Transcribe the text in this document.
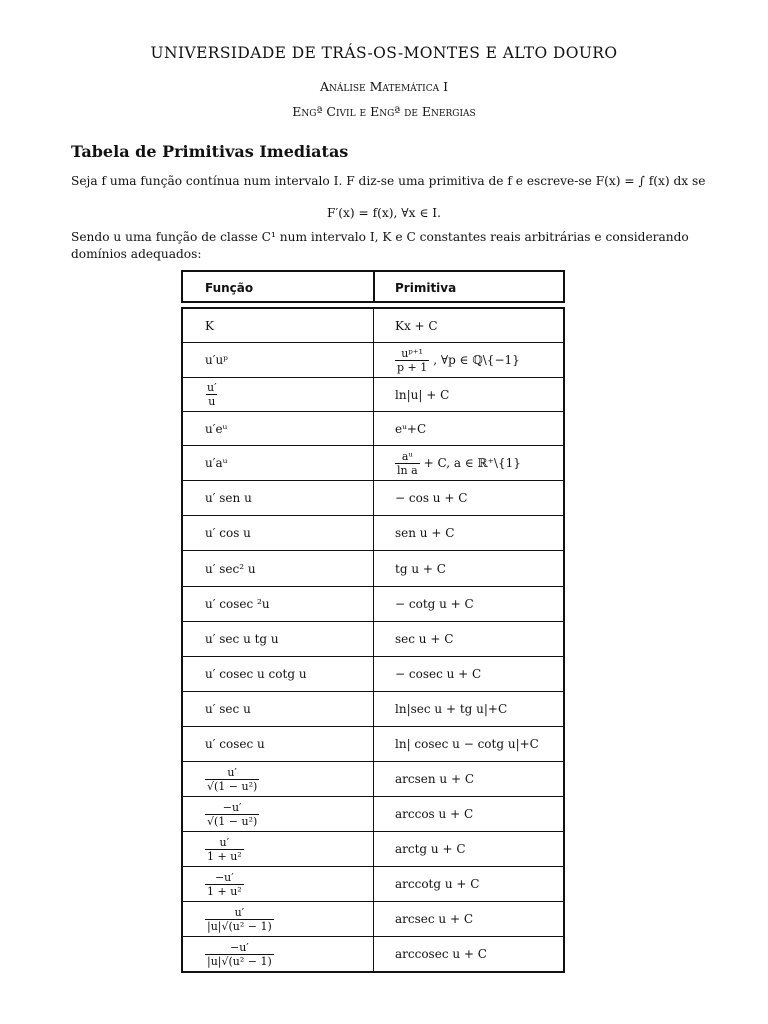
UNIVERSIDADE DE TRÁS-OS-MONTES E ALTO DOURO
Análise Matemática I
Engª Civil e Engª de Energias
Tabela de Primitivas Imediatas
Seja f uma função contínua num intervalo I. F diz-se uma primitiva de f e escreve-se F(x) = ∫ f(x) dx se
F′(x) = f(x), ∀x ∈ I.
Sendo u uma função de classe C¹ num intervalo I, K e C constantes reais arbitrárias e considerando domínios adequados:
Função	Primitiva
K	Kx + C
u′uᵖ	$\frac{\text{uᵖ⁺¹}}{p + 1}$ , ∀p ∈ ℚ\{−1}
$\frac{u'}{u}$	ln|u| + C
u′eᵘ	eᵘ+C
u′aᵘ	$\frac{\text{aᵘ}}{\text{ln a}} + C$, a ∈ ℝ⁺\{1}
u′ sen u	− cos u + C
u′ cos u	sen u + C
u′ sec² u	tg u + C
u′ cosec ²u	− cotg u + C
u′ sec u tg u	sec u + C
u′ cosec u cotg u	− cosec u + C
u′ sec u	ln|sec u + tg u|+C
u′ cosec u	ln| cosec u − cotg u|+C
$\frac{u'}{\text{√(1 − u²)}}$	arcsen u + C
$\frac{-u'}{\text{√(1 − u²)}}$	arccos u + C
$\frac{u'}{\text{1 + u²}}$	arctg u + C
$\frac{-u'}{\text{1 + u²}}$	arccotg u + C
$\frac{u'}{\text{|u|√(u² − 1)}}$	arcsec u + C
$\frac{-u'}{\text{|u|√(u² − 1)}}$	arccosec u + C
